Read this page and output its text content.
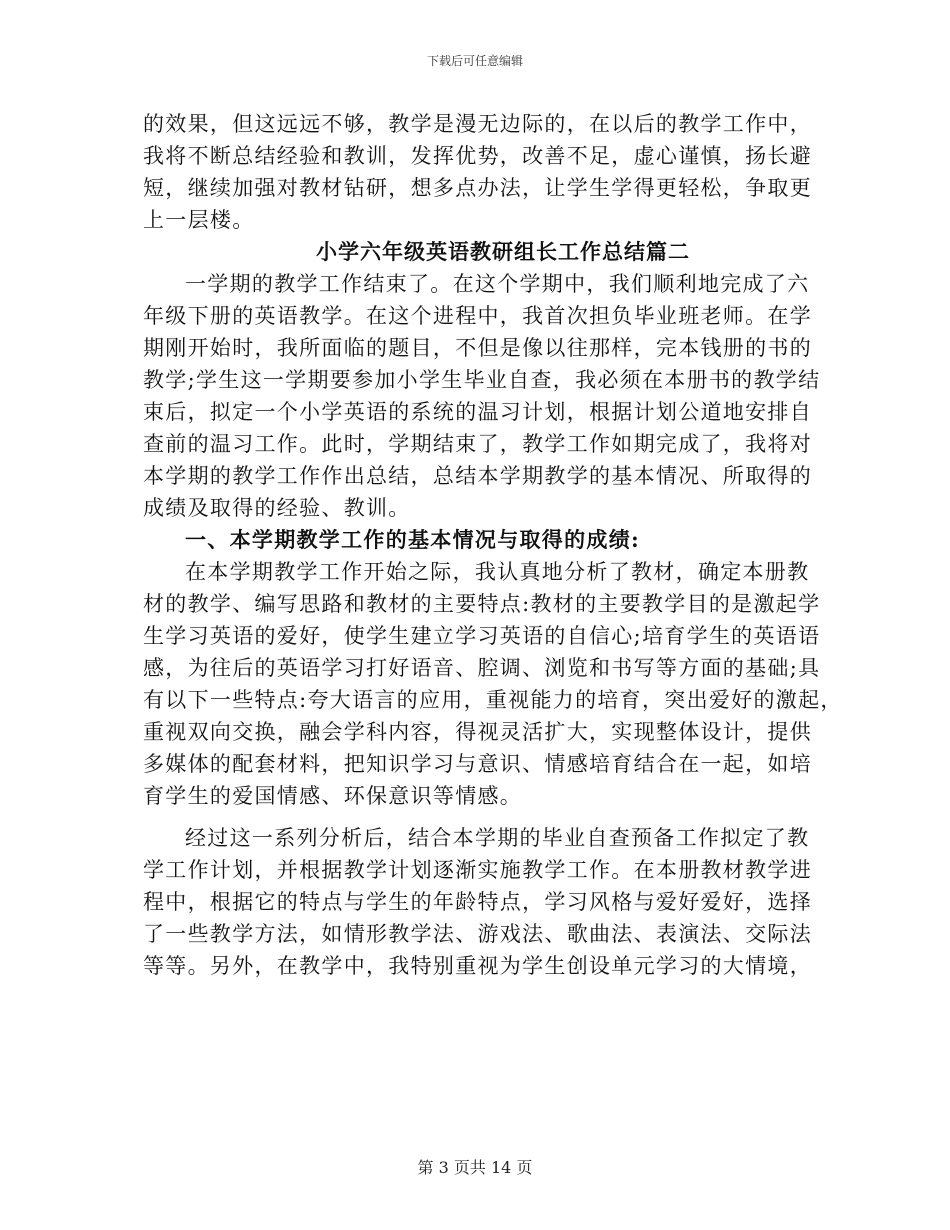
下载后可任意编辑
的效果，但这远远不够，教学是漫无边际的，在以后的教学工作中，
我将不断总结经验和教训，发挥优势，改善不足，虚心谨慎，扬长避
短，继续加强对教材钻研，想多点办法，让学生学得更轻松，争取更
上一层楼。
小学六年级英语教研组长工作总结篇二
一学期的教学工作结束了。在这个学期中，我们顺利地完成了六
年级下册的英语教学。在这个进程中，我首次担负毕业班老师。在学
期刚开始时，我所面临的题目，不但是像以往那样，完本钱册的书的
教学;学生这一学期要参加小学生毕业自查，我必须在本册书的教学结
束后，拟定一个小学英语的系统的温习计划，根据计划公道地安排自
查前的温习工作。此时，学期结束了，教学工作如期完成了，我将对
本学期的教学工作作出总结，总结本学期教学的基本情况、所取得的
成绩及取得的经验、教训。
一、本学期教学工作的基本情况与取得的成绩:
在本学期教学工作开始之际，我认真地分析了教材，确定本册教
材的教学、编写思路和教材的主要特点:教材的主要教学目的是激起学
生学习英语的爱好，使学生建立学习英语的自信心;培育学生的英语语
感，为往后的英语学习打好语音、腔调、浏览和书写等方面的基础;具
有以下一些特点:夸大语言的应用，重视能力的培育，突出爱好的激起，
重视双向交换，融会学科内容，得视灵活扩大，实现整体设计，提供
多媒体的配套材料，把知识学习与意识、情感培育结合在一起，如培
育学生的爱国情感、环保意识等情感。
经过这一系列分析后，结合本学期的毕业自查预备工作拟定了教
学工作计划，并根据教学计划逐渐实施教学工作。在本册教材教学进
程中，根据它的特点与学生的年龄特点，学习风格与爱好爱好，选择
了一些教学方法，如情形教学法、游戏法、歌曲法、表演法、交际法
等等。另外，在教学中，我特别重视为学生创设单元学习的大情境，
第 3 页共 14 页
